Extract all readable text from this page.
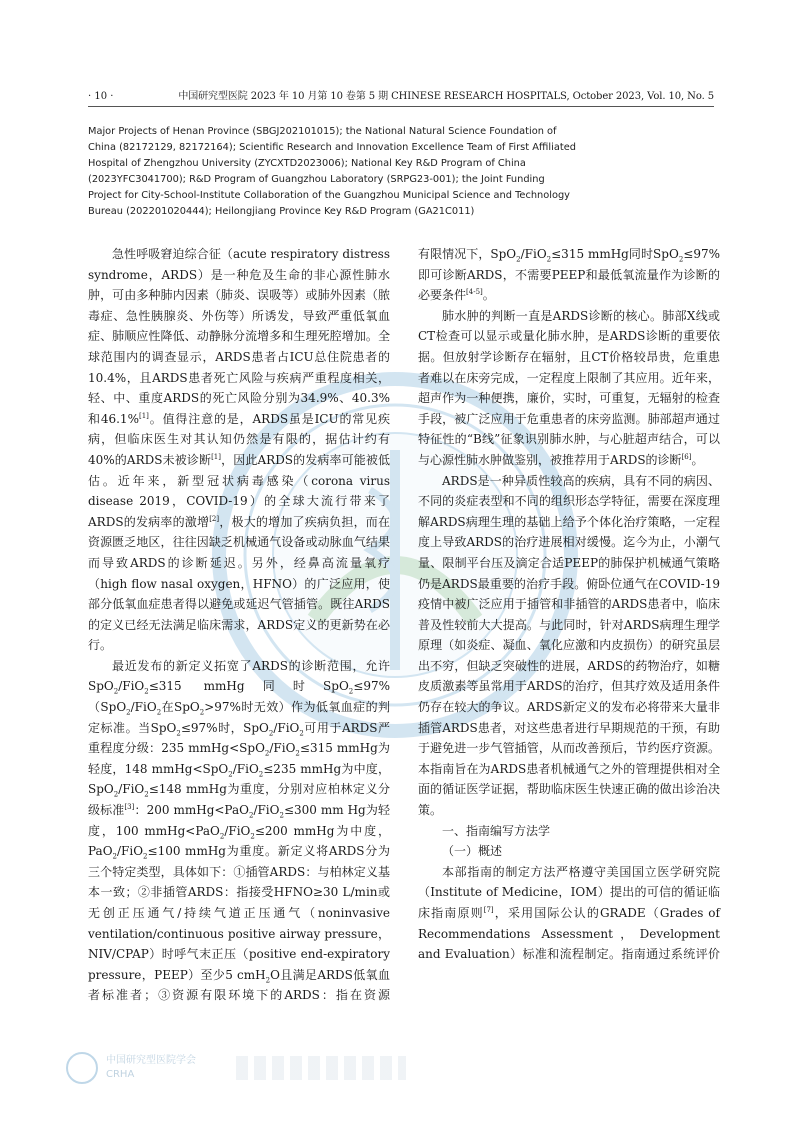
· 10 ·	中国研究型医院 2023 年 10 月第 10 卷第 5 期 CHINESE RESEARCH HOSPITALS, October 2023, Vol. 10, No. 5

Major Projects of Henan Province (SBGJ202101015); the National Natural Science Foundation of

China (82172129, 82172164); Scientific Research and Innovation Excellence Team of First Affiliated

Hospital of Zhengzhou University (ZYCXTD2023006); National Key R&D Program of China

(2023YFC3041700); R&D Program of Guangzhou Laboratory (SRPG23-001); the Joint Funding

Project for City-School-Institute Collaboration of the Guangzhou Municipal Science and Technology

Bureau (202201020444); Heilongjiang Province Key R&D Program (GA21C011)

急性呼吸窘迫综合征（acute respiratory distress syndrome，ARDS）是一种危及生命的非心源性肺水肿，可由多种肺内因素（肺炎、误吸等）或肺外因素（脓毒症、急性胰腺炎、外伤等）所诱发，导致严重低氧血症、肺顺应性降低、动静脉分流增多和生理死腔增加。全球范围内的调查显示，ARDS患者占ICU总住院患者的10.4%，且ARDS患者死亡风险与疾病严重程度相关，轻、中、重度ARDS的死亡风险分别为34.9%、40.3%和46.1%[1]。值得注意的是，ARDS虽是ICU的常见疾病，但临床医生对其认知仍然是有限的，据估计约有40%的ARDS未被诊断[1]，因此ARDS的发病率可能被低估。近年来，新型冠状病毒感染（corona virus disease 2019，COVID-19）的全球大流行带来了ARDS的发病率的激增[2]，极大的增加了疾病负担，而在资源匮乏地区，往往因缺乏机械通气设备或动脉血气结果而导致ARDS的诊断延迟。另外，经鼻高流量氧疗（high flow nasal oxygen，HFNO）的广泛应用，使部分低氧血症患者得以避免或延迟气管插管。既往ARDS的定义已经无法满足临床需求，ARDS定义的更新势在必行。

最近发布的新定义拓宽了ARDS的诊断范围，允许SpO$_2$/FiO$_2$≤315 mmHg同时SpO$_2$≤97%（SpO$_2$/FiO$_2$在SpO$_2$>97%时无效）作为低氧血症的判定标准。当SpO$_2$≤97%时，SpO$_2$/FiO$_2$可用于ARDS严重程度分级：235 mmHg<SpO$_2$/FiO$_2$≤315 mmHg为轻度，148 mmHg<SpO$_2$/FiO$_2$≤235 mmHg为中度，SpO$_2$/FiO$_2$≤148 mmHg为重度，分别对应柏林定义分级标准[3]：200 mmHg<PaO$_2$/FiO$_2$≤300 mm Hg为轻度，100 mmHg<PaO$_2$/FiO$_2$≤200 mmHg为中度，PaO$_2$/FiO$_2$≤100 mmHg为重度。新定义将ARDS分为三个特定类型，具体如下：①插管ARDS：与柏林定义基本一致；②非插管ARDS：指接受HFNO≥30 L/min或无创正压通气/持续气道正压通气（noninvasive ventilation/continuous positive airway pressure，NIV/CPAP）时呼气末正压（positive end-expiratory pressure，PEEP）至少5 cmH$_2$O且满足ARDS低氧血者标准者；③资源有限环境下的ARDS：指在资源

有限情况下，SpO$_2$/FiO$_2$≤315 mmHg同时SpO$_2$≤97%即可诊断ARDS，不需要PEEP和最低氧流量作为诊断的必要条件[4-5]。

肺水肿的判断一直是ARDS诊断的核心。肺部X线或CT检查可以显示或量化肺水肿，是ARDS诊断的重要依据。但放射学诊断存在辐射，且CT价格较昂贵，危重患者难以在床旁完成，一定程度上限制了其应用。近年来，超声作为一种便携，廉价，实时，可重复，无辐射的检查手段，被广泛应用于危重患者的床旁监测。肺部超声通过特征性的“B线”征象识别肺水肿，与心脏超声结合，可以与心源性肺水肿做鉴别，被推荐用于ARDS的诊断[6]。

ARDS是一种异质性较高的疾病，具有不同的病因、不同的炎症表型和不同的组织形态学特征，需要在深度理解ARDS病理生理的基础上给予个体化治疗策略，一定程度上导致ARDS的治疗进展相对缓慢。迄今为止，小潮气量、限制平台压及滴定合适PEEP的肺保护机械通气策略仍是ARDS最重要的治疗手段。俯卧位通气在COVID-19疫情中被广泛应用于插管和非插管的ARDS患者中，临床普及性较前大大提高。与此同时，针对ARDS病理生理学原理（如炎症、凝血、氧化应激和内皮损伤）的研究虽层出不穷，但缺乏突破性的进展，ARDS的药物治疗，如糖皮质激素等虽常用于ARDS的治疗，但其疗效及适用条件仍存在较大的争议。ARDS新定义的发布必将带来大量非插管ARDS患者，对这些患者进行早期规范的干预，有助于避免进一步气管插管，从而改善预后，节约医疗资源。本指南旨在为ARDS患者机械通气之外的管理提供相对全面的循证医学证据，帮助临床医生快速正确的做出诊治决策。

一、指南编写方法学

（一）概述

本部指南的制定方法严格遵守美国国立医学研究院（Institute of Medicine，IOM）提出的可信的循证临床指南原则[7]，采用国际公认的GRADE（Grades of Recommendations Assessment，Development and Evaluation）标准和流程制定。指南通过系统评价

中国研究型医院学会
CRHA
